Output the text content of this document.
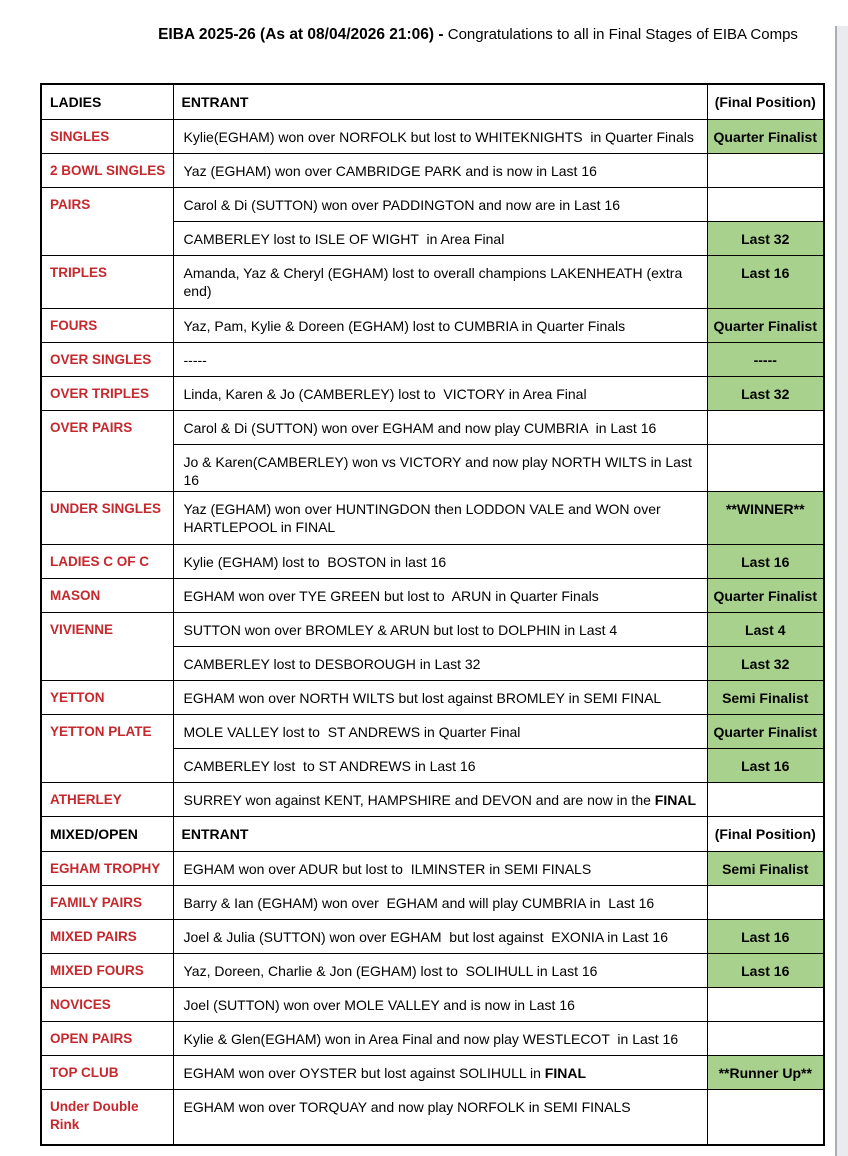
EIBA 2025-26 (As at 08/04/2026 21:06) - Congratulations to all in Final Stages of EIBA Comps
LADIES	ENTRANT	(Final Position)
SINGLES	Kylie(EGHAM) won over NORFOLK but lost to WHITEKNIGHTS  in Quarter Finals	Quarter Finalist
2 BOWL SINGLES	Yaz (EGHAM) won over CAMBRIDGE PARK and is now in Last 16	
PAIRS	Carol & Di (SUTTON) won over PADDINGTON and now are in Last 16	
	CAMBERLEY lost to ISLE OF WIGHT  in Area Final	Last 32
TRIPLES	Amanda, Yaz & Cheryl (EGHAM) lost to overall champions LAKENHEATH (extra end)	Last 16
FOURS	Yaz, Pam, Kylie & Doreen (EGHAM) lost to CUMBRIA in Quarter Finals	Quarter Finalist
OVER SINGLES	-----	-----
OVER TRIPLES	Linda, Karen & Jo (CAMBERLEY) lost to  VICTORY in Area Final	Last 32
OVER PAIRS	Carol & Di (SUTTON) won over EGHAM and now play CUMBRIA  in Last 16	
	Jo & Karen(CAMBERLEY) won vs VICTORY and now play NORTH WILTS in Last 16	
UNDER SINGLES	Yaz (EGHAM) won over HUNTINGDON then LODDON VALE and WON over HARTLEPOOL in FINAL	**WINNER**
LADIES C OF C	Kylie (EGHAM) lost to  BOSTON in last 16	Last 16
MASON	EGHAM won over TYE GREEN but lost to  ARUN in Quarter Finals	Quarter Finalist
VIVIENNE	SUTTON won over BROMLEY & ARUN but lost to DOLPHIN in Last 4	Last 4
	CAMBERLEY lost to DESBOROUGH in Last 32	Last 32
YETTON	EGHAM won over NORTH WILTS but lost against BROMLEY in SEMI FINAL	Semi Finalist
YETTON PLATE	MOLE VALLEY lost to  ST ANDREWS in Quarter Final	Quarter Finalist
	CAMBERLEY lost  to ST ANDREWS in Last 16	Last 16
ATHERLEY	SURREY won against KENT, HAMPSHIRE and DEVON and are now in the FINAL	
MIXED/OPEN	ENTRANT	(Final Position)
EGHAM TROPHY	EGHAM won over ADUR but lost to  ILMINSTER in SEMI FINALS	Semi Finalist
FAMILY PAIRS	Barry & Ian (EGHAM) won over  EGHAM and will play CUMBRIA in  Last 16	
MIXED PAIRS	Joel & Julia (SUTTON) won over EGHAM  but lost against  EXONIA in Last 16	Last 16
MIXED FOURS	Yaz, Doreen, Charlie & Jon (EGHAM) lost to  SOLIHULL in Last 16	Last 16
NOVICES	Joel (SUTTON) won over MOLE VALLEY and is now in Last 16	
OPEN PAIRS	Kylie & Glen(EGHAM) won in Area Final and now play WESTLECOT  in Last 16	
TOP CLUB	EGHAM won over OYSTER but lost against SOLIHULL in FINAL	**Runner Up**
Under Double Rink	EGHAM won over TORQUAY and now play NORFOLK in SEMI FINALS	
